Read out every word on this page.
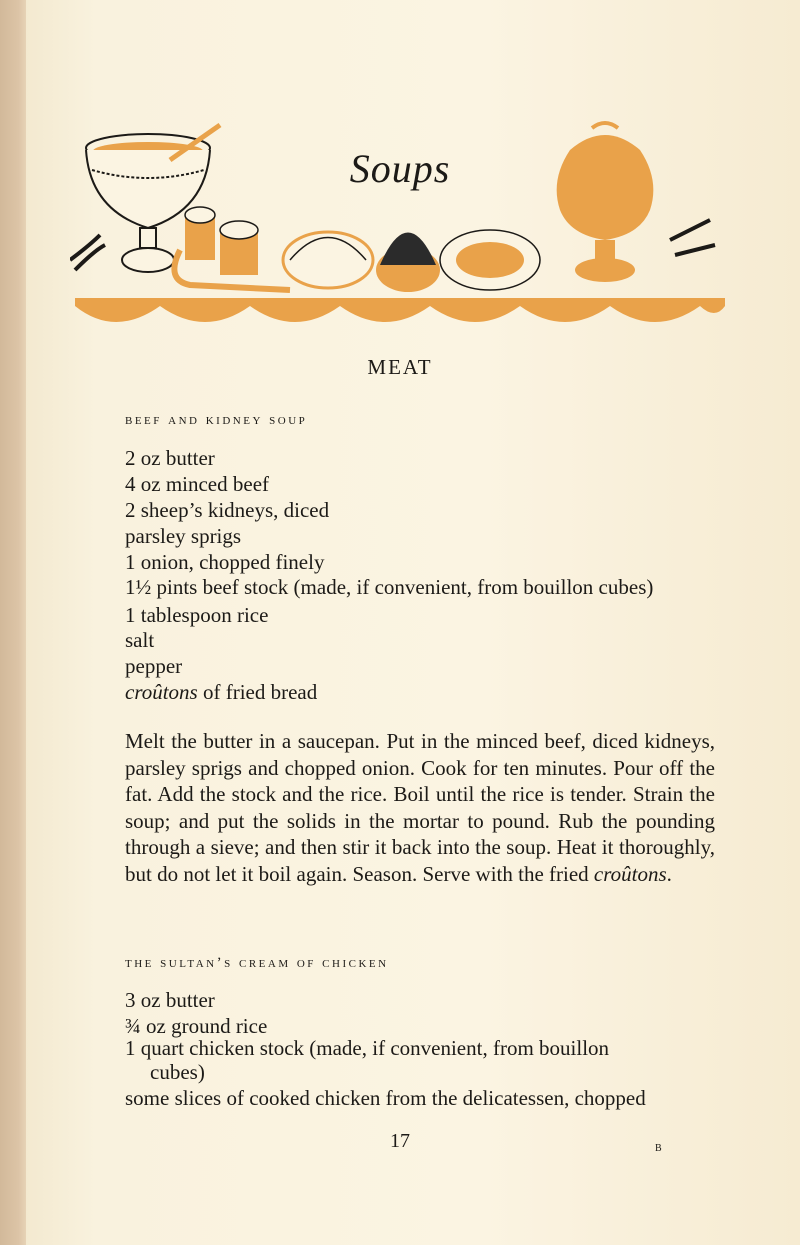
Soups
MEAT
beef and kidney soup
2 oz butter
4 oz minced beef
2 sheep’s kidneys, diced
parsley sprigs
1 onion, chopped finely
1½ pints beef stock (made, if convenient, from bouillon cubes)
1 tablespoon rice
salt
pepper
croûtons of fried bread
Melt the butter in a saucepan. Put in the minced beef, diced kidneys, parsley sprigs and chopped onion. Cook for ten minutes. Pour off the fat. Add the stock and the rice. Boil until the rice is tender. Strain the soup; and put the solids in the mortar to pound. Rub the pounding through a sieve; and then stir it back into the soup. Heat it thoroughly, but do not let it boil again. Season. Serve with the fried croûtons.
the sultan’s cream of chicken
3 oz butter
¾ oz ground rice
1 quart chicken stock (made, if convenient, from bouillon
cubes)
some slices of cooked chicken from the delicatessen, chopped
17	B
